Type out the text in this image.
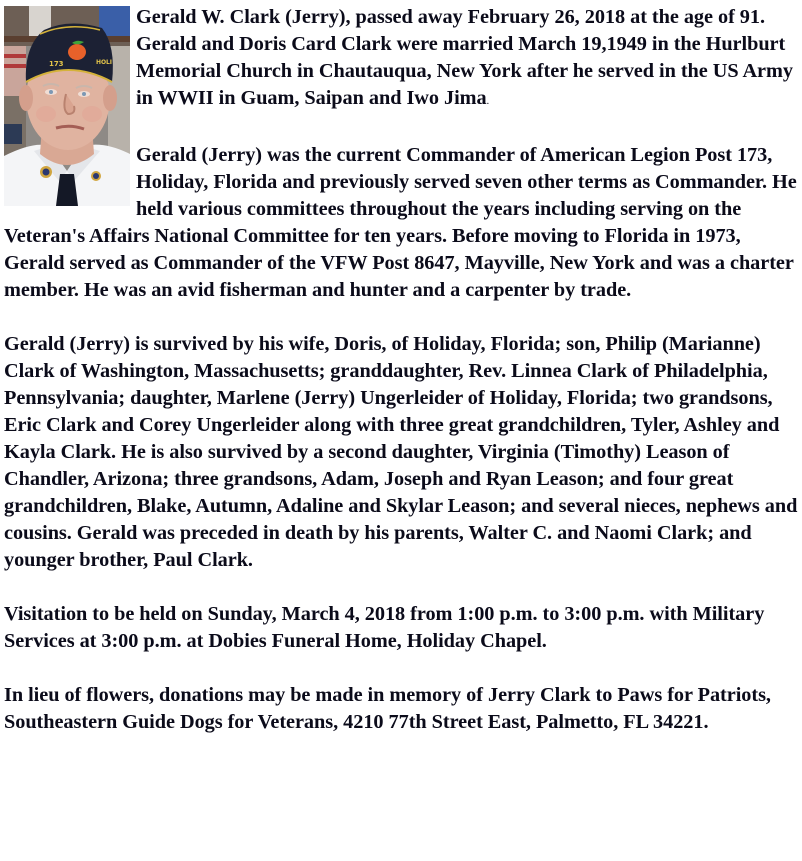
173	HOLI

Gerald W. Clark (Jerry), passed away February 26, 2018 at the age of 91. Gerald and Doris Card Clark were married March 19,1949 in the Hurlburt Memorial Church in Chautauqua, New York after he served in the US Army in WWII in Guam, Saipan and Iwo Jima.

Gerald (Jerry) was the current Commander of American Legion Post 173, Holiday, Florida and previously served seven other terms as Commander. He held various committees throughout the years including serving on the Veteran's Affairs National Committee for ten years. Before moving to Florida in 1973, Gerald served as Commander of the VFW Post 8647, Mayville, New York and was a charter member. He was an avid fisherman and hunter and a carpenter by trade.

Gerald (Jerry) is survived by his wife, Doris, of Holiday, Florida; son, Philip (Marianne) Clark of Washington, Massachusetts; granddaughter, Rev. Linnea Clark of Philadelphia, Pennsylvania; daughter, Marlene (Jerry) Ungerleider of Holiday, Florida; two grandsons, Eric Clark and Corey Ungerleider along with three great grandchildren, Tyler, Ashley and Kayla Clark. He is also survived by a second daughter, Virginia (Timothy) Leason of Chandler, Arizona; three grandsons, Adam, Joseph and Ryan Leason; and four great grandchildren, Blake, Autumn, Adaline and Skylar Leason; and several nieces, nephews and cousins. Gerald was preceded in death by his parents, Walter C. and Naomi Clark; and younger brother, Paul Clark.

Visitation to be held on Sunday, March 4, 2018 from 1:00 p.m. to 3:00 p.m. with Military Services at 3:00 p.m. at Dobies Funeral Home, Holiday Chapel.

In lieu of flowers, donations may be made in memory of Jerry Clark to Paws for Patriots, Southeastern Guide Dogs for Veterans, 4210 77th Street East, Palmetto, FL 34221.
